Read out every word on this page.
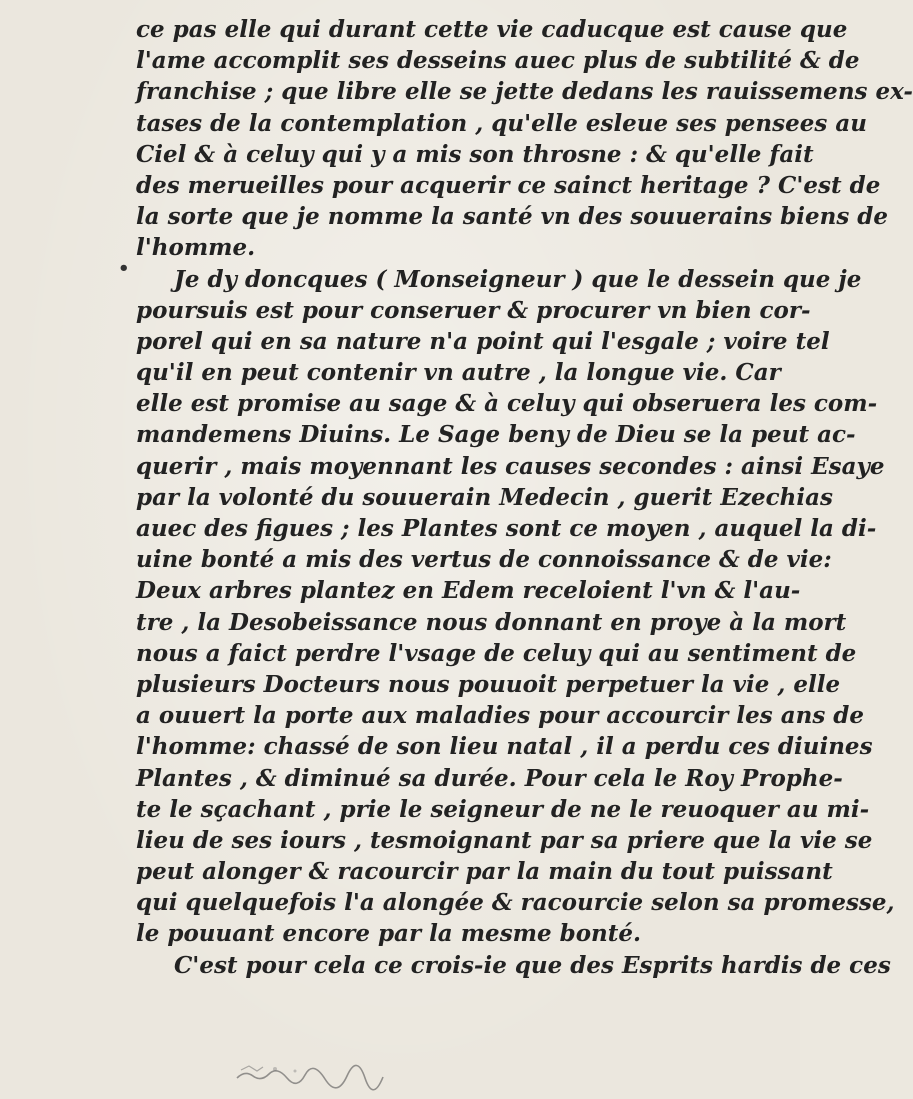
•
ce pas elle qui durant cette vie caducque est cause que
l'ame accomplit ses desseins auec plus de subtilité & de
franchise ; que libre elle se jette dedans les rauissemens ex-
tases de la contemplation , qu'elle esleue ses pensees au
Ciel & à celuy qui y a mis son throsne : & qu'elle fait
des merueilles pour acquerir ce sainct heritage ? C'est de
la sorte que je nomme la santé vn des souuerains biens de
l'homme.
Je dy doncques ( Monseigneur ) que le dessein que je
poursuis est pour conseruer & procurer vn bien cor-
porel qui en sa nature n'a point qui l'esgale ; voire tel
qu'il en peut contenir vn autre , la longue vie. Car
elle est promise au sage & à celuy qui obseruera les com-
mandemens Diuins. Le Sage beny de Dieu se la peut ac-
querir , mais moyennant les causes secondes : ainsi Esaye
par la volonté du souuerain Medecin , guerit Ezechias
auec des figues ; les Plantes sont ce moyen , auquel la di-
uine bonté a mis des vertus de connoissance & de vie:
Deux arbres plantez en Edem receloient l'vn & l'au-
tre , la Desobeissance nous donnant en proye à la mort
nous a faict perdre l'vsage de celuy qui au sentiment de
plusieurs Docteurs nous pouuoit perpetuer la vie , elle
a ouuert la porte aux maladies pour accourcir les ans de
l'homme: chassé de son lieu natal , il a perdu ces diuines
Plantes , & diminué sa durée. Pour cela le Roy Prophe-
te le sçachant , prie le seigneur de ne le reuoquer au mi-
lieu de ses iours , tesmoignant par sa priere que la vie se
peut alonger & racourcir par la main du tout puissant
qui quelquefois l'a alongée & racourcie selon sa promesse,
le pouuant encore par la mesme bonté.
C'est pour cela ce crois-ie que des Esprits hardis de ces
